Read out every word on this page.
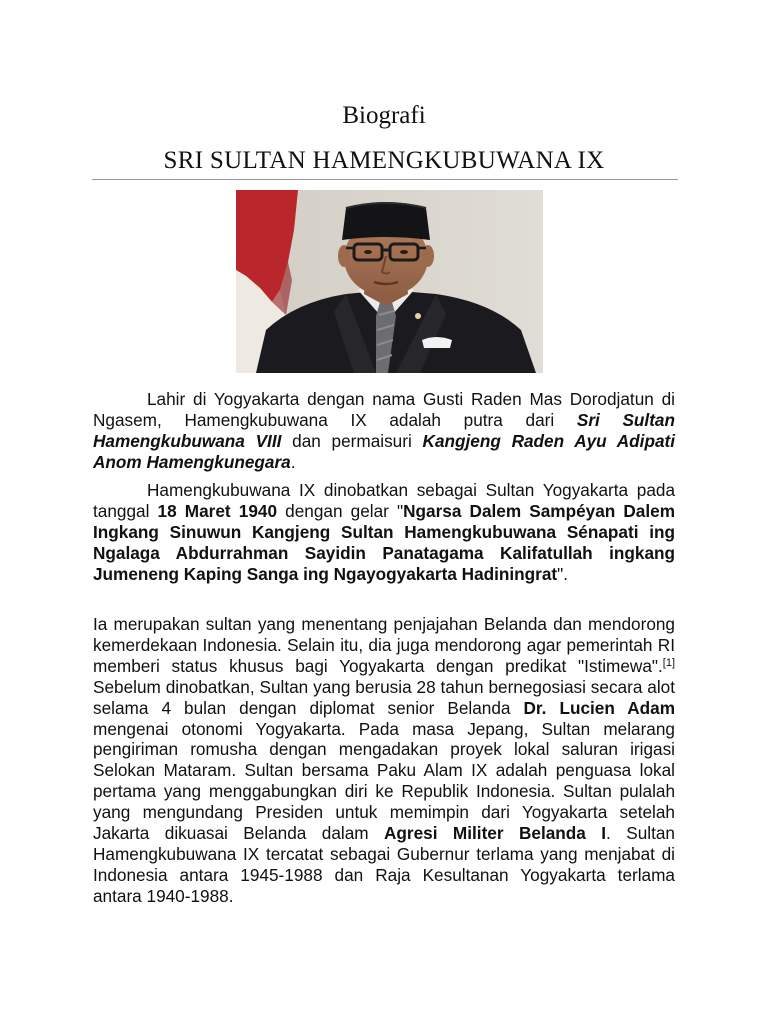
Biografi
SRI SULTAN HAMENGKUBUWANA IX
Lahir di Yogyakarta dengan nama Gusti Raden Mas Dorodjatun di Ngasem, Hamengkubuwana IX adalah putra dari Sri Sultan Hamengkubuwana VIII dan permaisuri Kangjeng Raden Ayu Adipati Anom Hamengkunegara.
Hamengkubuwana IX dinobatkan sebagai Sultan Yogyakarta pada tanggal 18 Maret 1940 dengan gelar "Ngarsa Dalem Sampéyan Dalem Ingkang Sinuwun Kangjeng Sultan Hamengkubuwana Sénapati ing Ngalaga Abdurrahman Sayidin Panatagama Kalifatullah ingkang Jumeneng Kaping Sanga ing Ngayogyakarta Hadiningrat".
Ia merupakan sultan yang menentang penjajahan Belanda dan mendorong kemerdekaan Indonesia. Selain itu, dia juga mendorong agar pemerintah RI memberi status khusus bagi Yogyakarta dengan predikat "Istimewa".[1] Sebelum dinobatkan, Sultan yang berusia 28 tahun bernegosiasi secara alot selama 4 bulan dengan diplomat senior Belanda Dr. Lucien Adam mengenai otonomi Yogyakarta. Pada masa Jepang, Sultan melarang pengiriman romusha dengan mengadakan proyek lokal saluran irigasi Selokan Mataram. Sultan bersama Paku Alam IX adalah penguasa lokal pertama yang menggabungkan diri ke Republik Indonesia. Sultan pulalah yang mengundang Presiden untuk memimpin dari Yogyakarta setelah Jakarta dikuasai Belanda dalam Agresi Militer Belanda I. Sultan Hamengkubuwana IX tercatat sebagai Gubernur terlama yang menjabat di Indonesia antara 1945-1988 dan Raja Kesultanan Yogyakarta terlama antara 1940-1988.
